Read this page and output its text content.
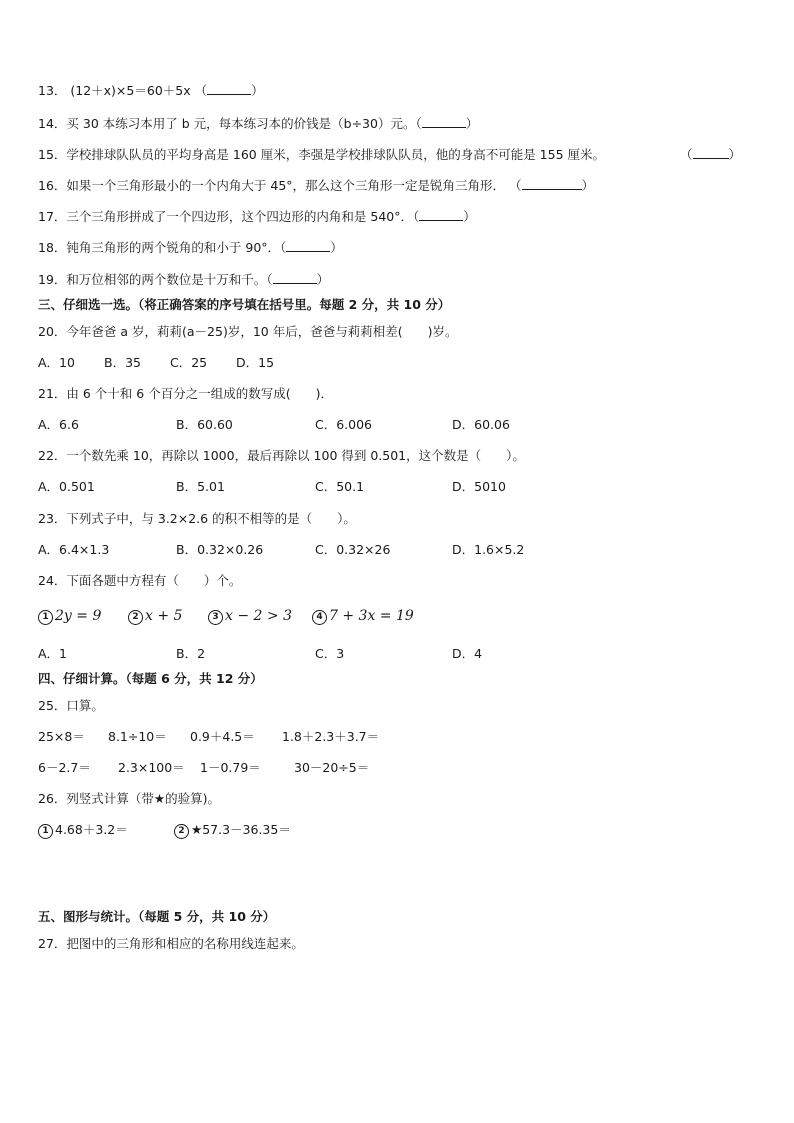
13． (12＋x)×5＝60＋5x （	）
14．买 30 本练习本用了 b 元，每本练习本的价钱是（b÷30）元。（	）
15．学校排球队队员的平均身高是 160 厘米，李强是学校排球队队员，他的身高不可能是 155 厘米。	（	）
16．如果一个三角形最小的一个内角大于 45°，那么这个三角形一定是锐角三角形． （	）
17．三个三角形拼成了一个四边形，这个四边形的内角和是 540°．（	）
18．钝角三角形的两个锐角的和小于 90°．（	）
19．和万位相邻的两个数位是十万和千。（	）
三、仔细选一选。（将正确答案的序号填在括号里。每题 2 分，共 10 分）
20．今年爸爸 a 岁，莉莉(a－25)岁，10 年后，爸爸与莉莉相差(　　)岁。
A．10 B．35 C．25 D．15
21．由 6 个十和 6 个百分之一组成的数写成(　　)．
A．6.6	B．60.60	C．6.006	D．60.06
22．一个数先乘 10，再除以 1000，最后再除以 100 得到 0.501，这个数是（　　）。
A．0.501	B．5.01	C．50.1	D．5010
23．下列式子中，与 3.2×2.6 的积不相等的是（　　）。
A．6.4×1.3	B．0.32×0.26	C．0.32×26	D．1.6×5.2
24．下面各题中方程有（　　）个。
1 2y = 9	2 x + 5	3 x − 2 > 3	4 7 + 3x = 19
A．1	B．2	C．3	D．4
四、仔细计算。（每题 6 分，共 12 分）
25．口算。
25×8＝ 8.1÷10＝ 0.9＋4.5＝ 1.8＋2.3＋3.7＝
6－2.7＝ 2.3×100＝ 1－0.79＝	30－20÷5＝
26．列竖式计算（带★的验算)。
1 4.68＋3.2＝	2 ★57.3－36.35＝
五、图形与统计。（每题 5 分，共 10 分）
27．把图中的三角形和相应的名称用线连起来。
